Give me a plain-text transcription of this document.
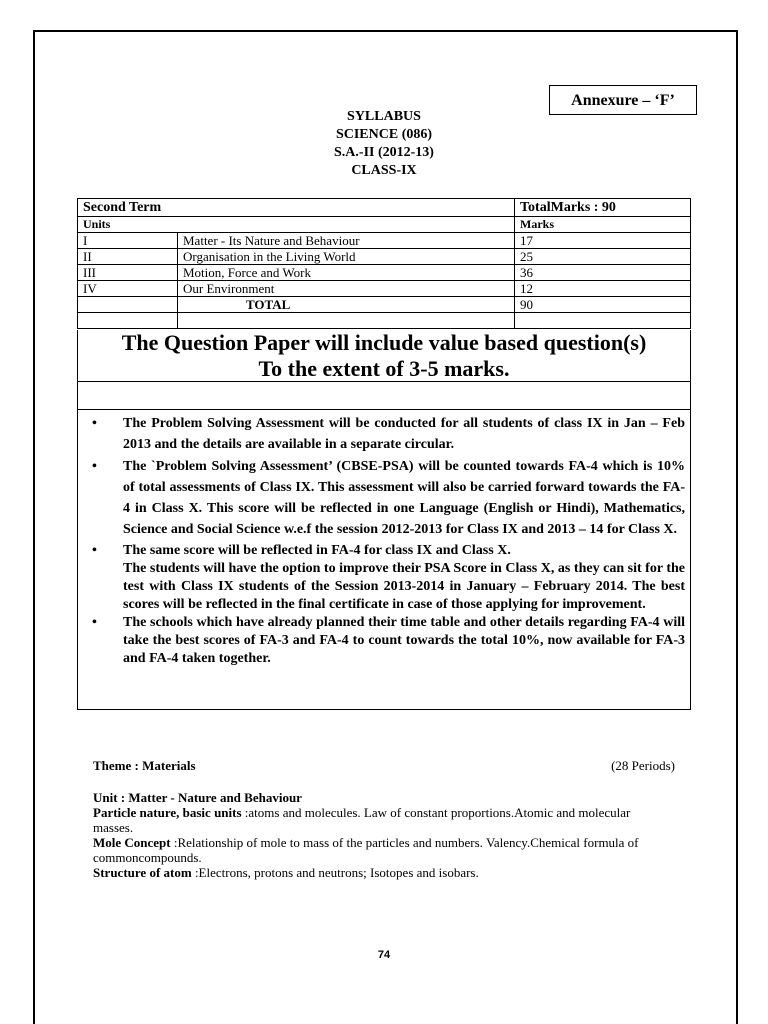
Annexure – ‘F’
SYLLABUS
SCIENCE (086)
S.A.-II (2012-13)
CLASS-IX
Second Term		TotalMarks : 90
Units		Marks
I	Matter - Its Nature and Behaviour	17
II	Organisation in the Living World	25
III	Motion, Force and Work	36
IV	Our Environment	12
	TOTAL	90

The Question Paper will include value based question(s)
To the extent of 3-5 marks.
• The Problem Solving Assessment will be conducted for all students of class IX in Jan – Feb 2013 and the details are available in a separate circular.
• The `Problem Solving Assessment’ (CBSE-PSA) will be counted towards FA-4 which is 10% of total assessments of Class IX. This assessment will also be carried forward towards the FA-4 in Class X. This score will be reflected in one Language (English or Hindi), Mathematics, Science and Social Science w.e.f the session 2012-2013 for Class IX and 2013 – 14 for Class X.
• The same score will be reflected in FA-4 for class IX and Class X.
The students will have the option to improve their PSA Score in Class X, as they can sit for the test with Class IX students of the Session 2013-2014 in January – February 2014. The best scores will be reflected in the final certificate in case of those applying for improvement.
• The schools which have already planned their time table and other details regarding FA-4 will take the best scores of FA-3 and FA-4 to count towards the total 10%, now available for FA-3 and FA-4 taken together.
Theme : Materials	(28 Periods)

Unit : Matter - Nature and Behaviour

Particle nature, basic units :atoms and molecules. Law of constant proportions.Atomic and molecular masses.

Mole Concept :Relationship of mole to mass of the particles and numbers. Valency.Chemical formula of commoncompounds.

Structure of atom :Electrons, protons and neutrons; Isotopes and isobars.

74
